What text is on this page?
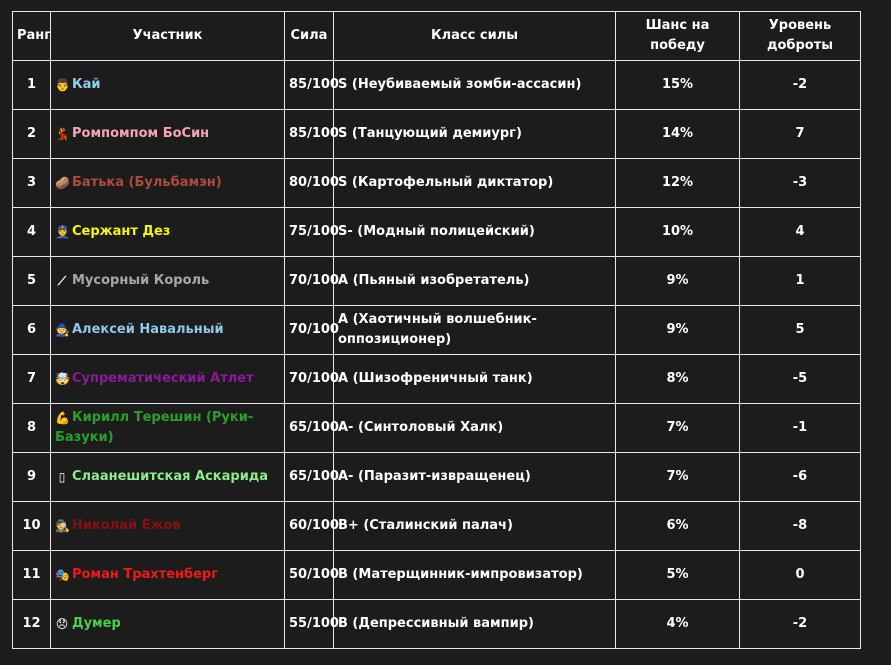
Ранг	Участник	Сила	Класс силы	Шанс на победу	Уровень доброты
1	👨 Кай	85/100	S (Неубиваемый зомби-ассасин)	15%	-2
2	💃 Ромпомпом БоСин	85/100	S (Танцующий демиург)	14%	7
3	🥔 Батька (Бульбамэн)	80/100	S (Картофельный диктатор)	12%	-3
4	👮 Сержант Дез	75/100	S- (Модный полицейский)	10%	4
5	⟋ Мусорный Король	70/100	A (Пьяный изобретатель)	9%	1
6	🧙 Алексей Навальный	70/100	A (Хаотичный волшебник-оппозиционер)	9%	5
7	🤯 Супрематический Атлет	70/100	A (Шизофреничный танк)	8%	-5
8	💪 Кирилл Терешин (Руки-Базуки)	65/100	A- (Синтоловый Халк)	7%	-1
9	▯ Слаанешитская Аскарида	65/100	A- (Паразит-извращенец)	7%	-6
10	🕵 Николай Ежов	60/100	B+ (Сталинский палач)	6%	-8
11	🎭 Роман Трахтенберг	50/100	B (Матерщинник-импровизатор)	5%	0
12	😞 Думер	55/100	B (Депрессивный вампир)	4%	-2
